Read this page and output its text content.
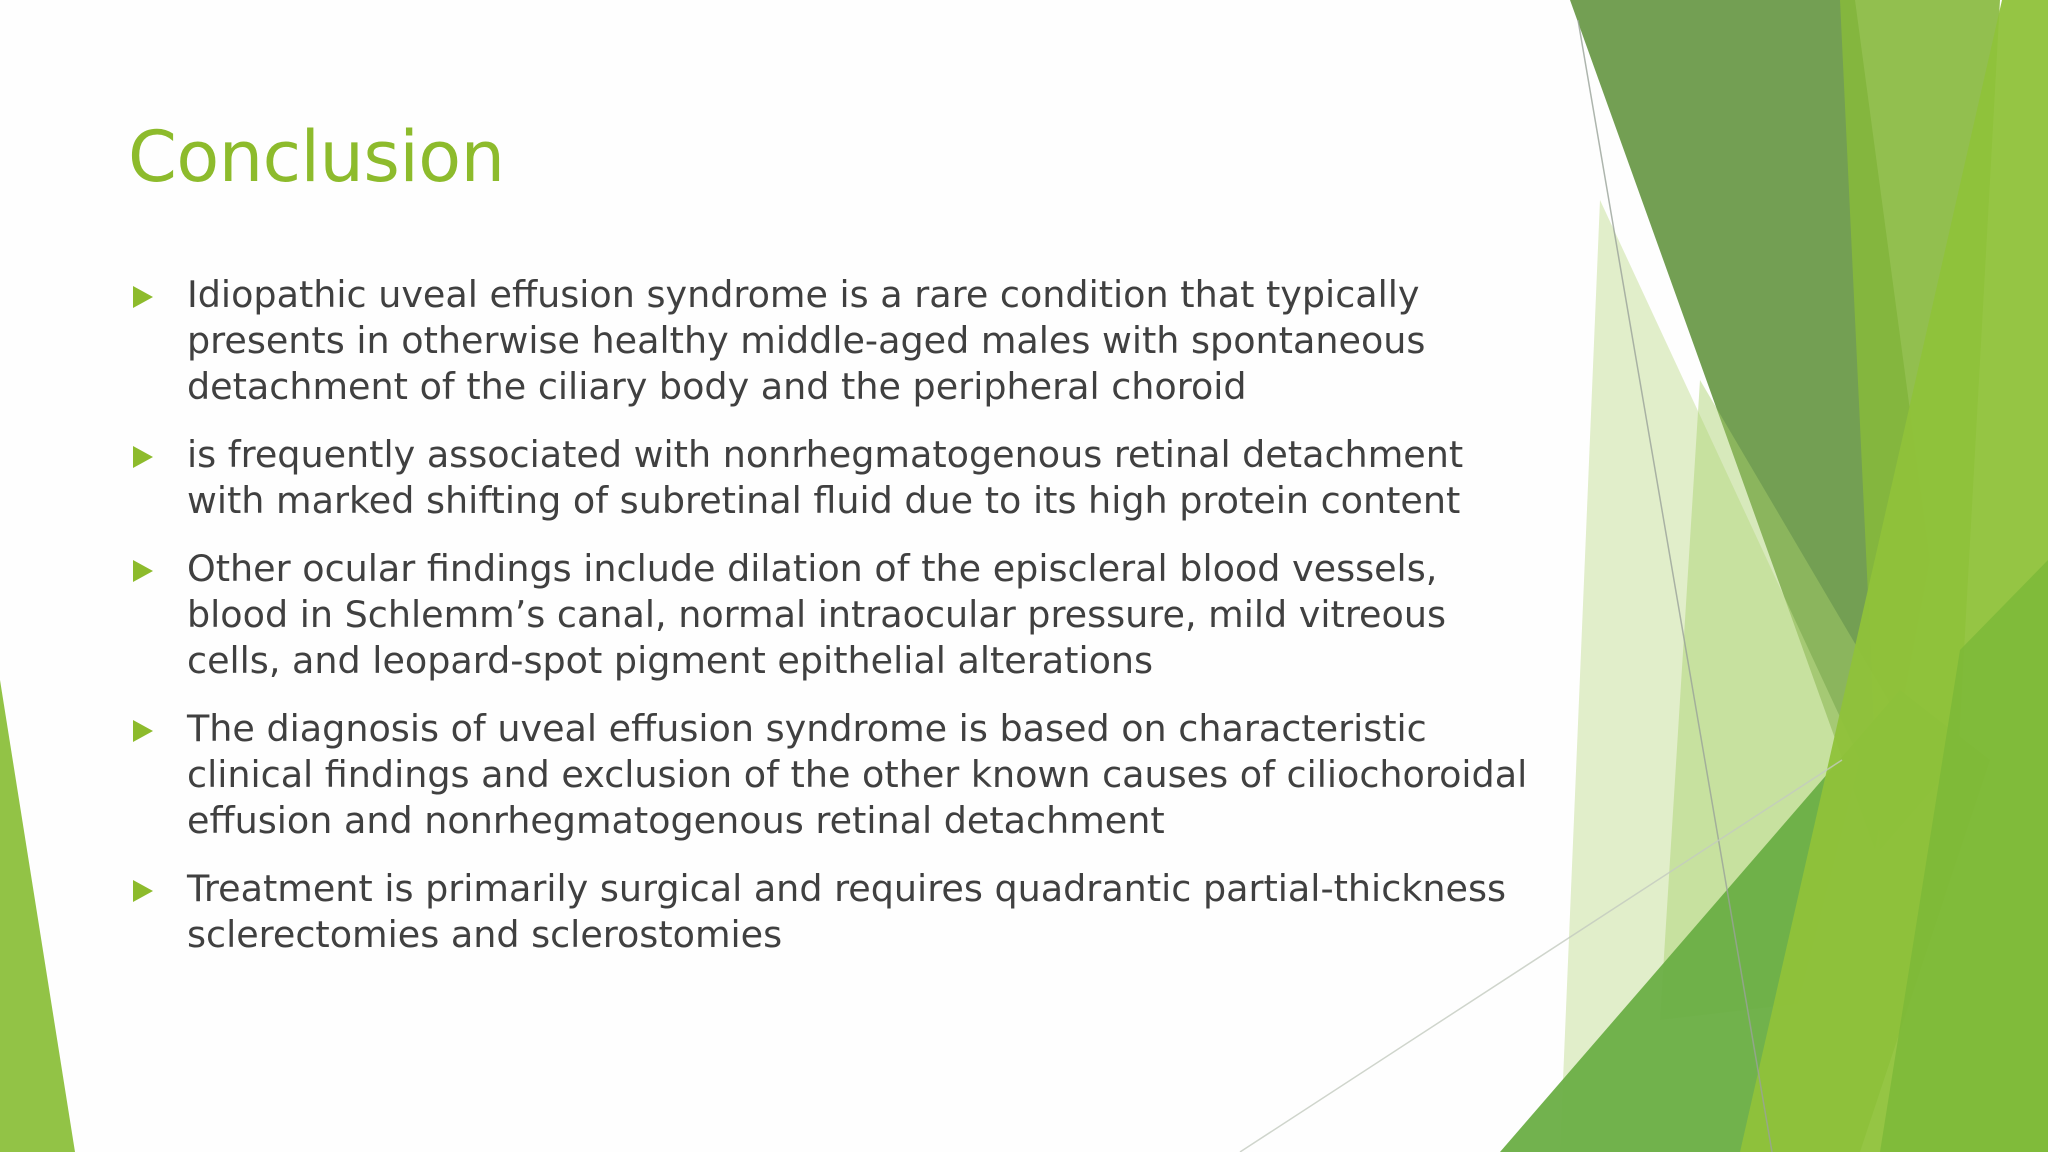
Conclusion
Idiopathic uveal effusion syndrome is a rare condition that typically presents in otherwise healthy middle-aged males with spontaneous detachment of the ciliary body and the peripheral choroid
is frequently associated with nonrhegmatogenous retinal detachment with marked shifting of subretinal fluid due to its high protein content
Other ocular findings include dilation of the episcleral blood vessels, blood in Schlemm’s canal, normal intraocular pressure, mild vitreous cells, and leopard-spot pigment epithelial alterations
The diagnosis of uveal effusion syndrome is based on characteristic clinical findings and exclusion of the other known causes of ciliochoroidal effusion and nonrhegmatogenous retinal detachment
Treatment is primarily surgical and requires quadrantic partial-thickness sclerectomies and sclerostomies
